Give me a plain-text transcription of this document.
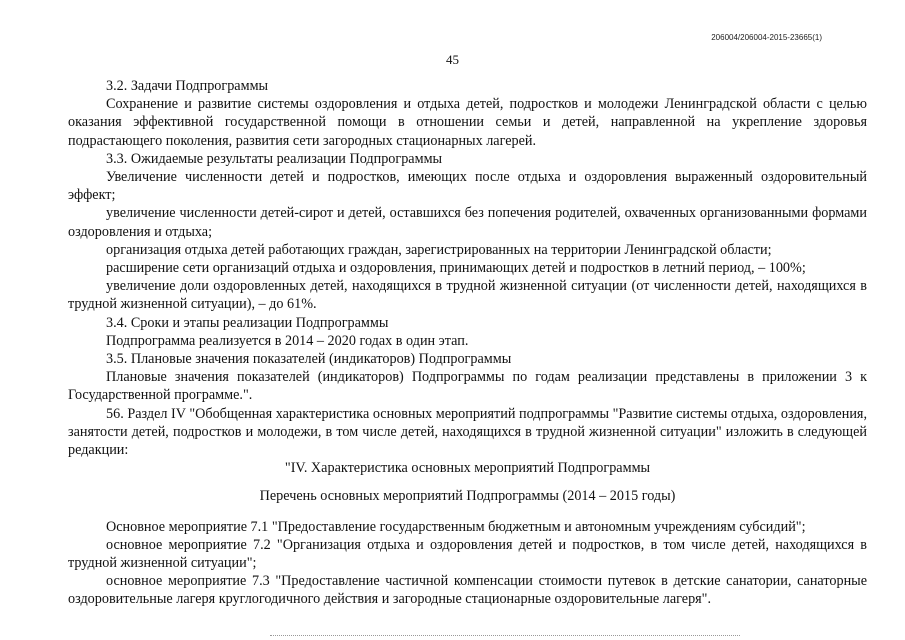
206004/206004-2015-23665(1)
45

3.2. Задачи Подпрограммы

Сохранение и развитие системы оздоровления и отдыха детей, подростков и молодежи Ленинградской области с целью оказания эффективной государственной помощи в отношении семьи и детей, направленной на укрепление здоровья подрастающего поколения, развития сети загородных стационарных лагерей.

3.3. Ожидаемые результаты реализации Подпрограммы

Увеличение численности детей и подростков, имеющих после отдыха и оздоровления выраженный оздоровительный эффект;

увеличение численности детей-сирот и детей, оставшихся без попечения родителей, охваченных организованными формами оздоровления и отдыха;

организация отдыха детей работающих граждан, зарегистрированных на территории Ленинградской области;

расширение сети организаций отдыха и оздоровления, принимающих детей и подростков в летний период, – 100%;

увеличение доли оздоровленных детей, находящихся в трудной жизненной ситуации (от численности детей, находящихся в трудной жизненной ситуации), – до 61%.

3.4. Сроки и этапы реализации Подпрограммы

Подпрограмма реализуется в 2014 – 2020 годах в один этап.

3.5. Плановые значения показателей (индикаторов) Подпрограммы

Плановые значения показателей (индикаторов) Подпрограммы по годам реализации представлены в приложении 3 к Государственной программе.".

56. Раздел IV "Обобщенная характеристика основных мероприятий подпрограммы "Развитие системы отдыха, оздоровления, занятости детей, подростков и молодежи, в том числе детей, находящихся в трудной жизненной ситуации" изложить в следующей редакции:

"IV. Характеристика основных мероприятий Подпрограммы

Перечень основных мероприятий Подпрограммы (2014 – 2015 годы)

Основное мероприятие 7.1 "Предоставление государственным бюджетным и автономным учреждениям субсидий";

основное мероприятие 7.2 "Организация отдыха и оздоровления детей и подростков, в том числе детей, находящихся в трудной жизненной ситуации";

основное мероприятие 7.3 "Предоставление частичной компенсации стоимости путевок в детские санатории, санаторные оздоровительные лагеря круглогодичного действия и загородные стационарные оздоровительные лагеря".
